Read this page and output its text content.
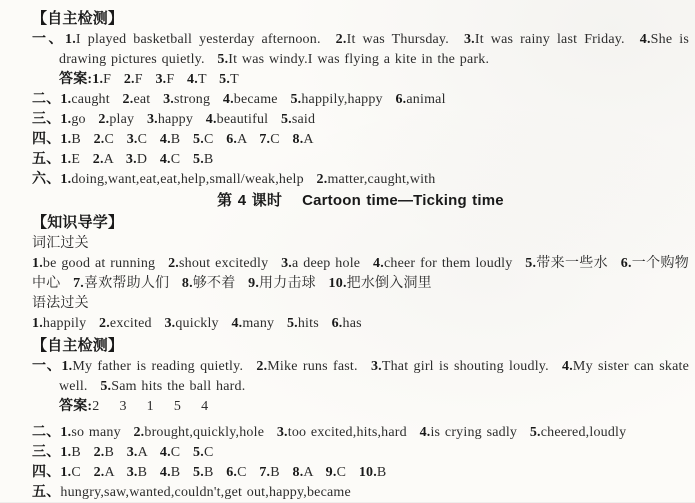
【自主检测】
一、1.I played basketball yesterday afternoon. 2.It was Thursday. 3.It was rainy last Friday. 4.She is drawing pictures quietly. 5.It was windy.I was flying a kite in the park.
答案:1.F 2.F 3.F 4.T 5.T
二、1.caught 2.eat 3.strong 4.became 5.happily,happy 6.animal
三、1.go 2.play 3.happy 4.beautiful 5.said
四、1.B 2.C 3.C 4.B 5.C 6.A 7.C 8.A
五、1.E 2.A 3.D 4.C 5.B
六、1.doing,want,eat,eat,help,small/weak,help 2.matter,caught,with
第 4 课时 Cartoon time—Ticking time
【知识导学】
词汇过关
1.be good at running 2.shout excitedly 3.a deep hole 4.cheer for them loudly 5.带来一些水 6.一个购物中心 7.喜欢帮助人们 8.够不着 9.用力击球 10.把水倒入洞里
语法过关
1.happily 2.excited 3.quickly 4.many 5.hits 6.has
【自主检测】
一、1.My father is reading quietly. 2.Mike runs fast. 3.That girl is shouting loudly. 4.My sister can skate well. 5.Sam hits the ball hard.
答案:2 3 1 5 4
二、1.so many 2.brought,quickly,hole 3.too excited,hits,hard 4.is crying sadly 5.cheered,loudly
三、1.B 2.B 3.A 4.C 5.C
四、1.C 2.A 3.B 4.B 5.B 6.C 7.B 8.A 9.C 10.B
五、hungry,saw,wanted,couldn't,get out,happy,became
